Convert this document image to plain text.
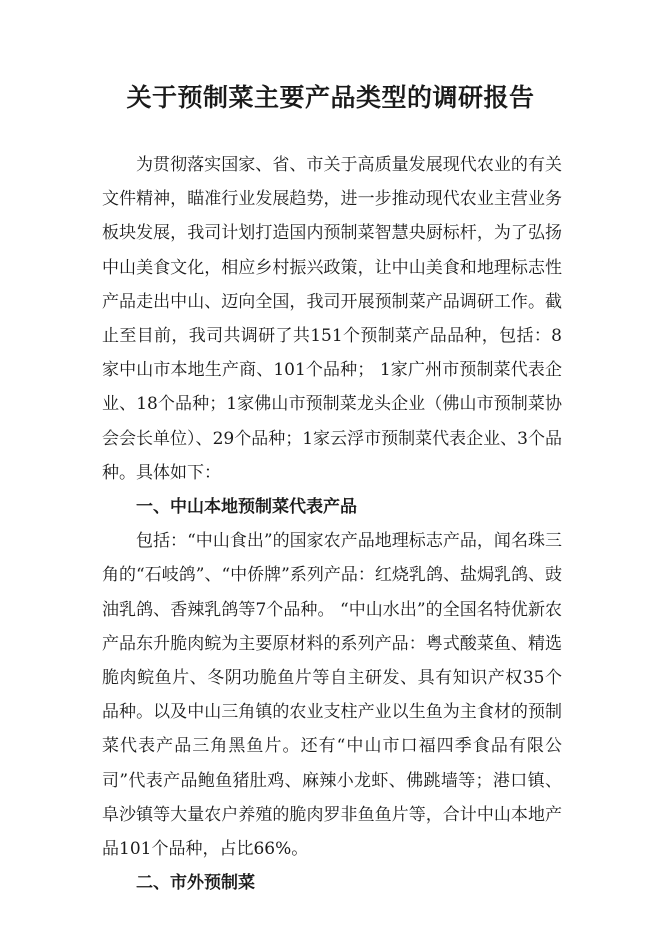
关于预制菜主要产品类型的调研报告

为贯彻落实国家、省、市关于高质量发展现代农业的有关文件精神，瞄准行业发展趋势，进一步推动现代农业主营业务板块发展，我司计划打造国内预制菜智慧央厨标杆，为了弘扬中山美食文化，相应乡村振兴政策，让中山美食和地理标志性产品走出中山、迈向全国，我司开展预制菜产品调研工作。截止至目前，我司共调研了共151个预制菜产品品种，包括：8家中山市本地生产商、101个品种； 1家广州市预制菜代表企业、18个品种；1家佛山市预制菜龙头企业（佛山市预制菜协会会长单位）、29个品种；1家云浮市预制菜代表企业、3个品种。具体如下：

一、中山本地预制菜代表产品

包括：“中山食出”的国家农产品地理标志产品，闻名珠三角的“石岐鸽”、“中侨牌”系列产品：红烧乳鸽、盐焗乳鸽、豉油乳鸽、香辣乳鸽等7个品种。 “中山水出”的全国名特优新农产品东升脆肉鲩为主要原材料的系列产品：粤式酸菜鱼、精选脆肉鲩鱼片、冬阴功脆鱼片等自主研发、具有知识产权35个品种。以及中山三角镇的农业支柱产业以生鱼为主食材的预制菜代表产品三角黑鱼片。还有“中山市口福四季食品有限公司”代表产品鲍鱼猪肚鸡、麻辣小龙虾、佛跳墙等；港口镇、阜沙镇等大量农户养殖的脆肉罗非鱼鱼片等，合计中山本地产品101个品种，占比66%。

二、市外预制菜
